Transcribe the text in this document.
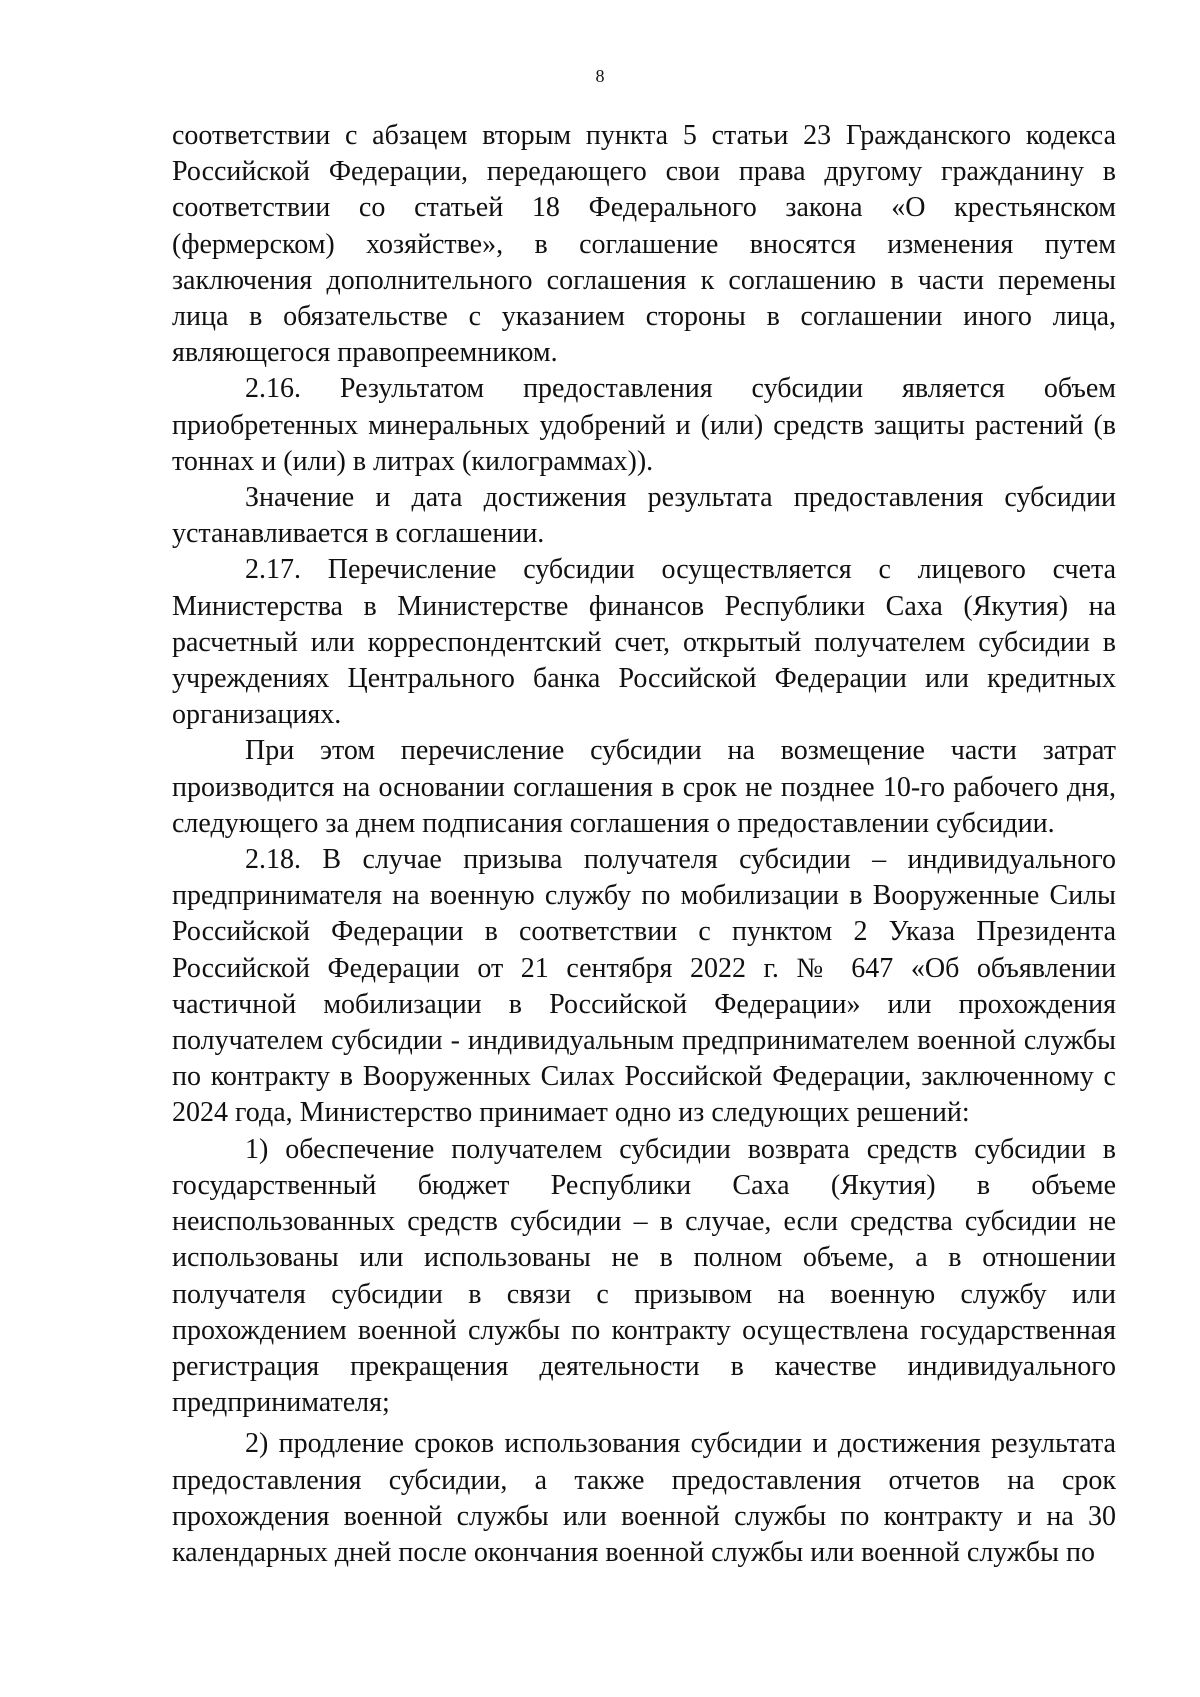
8

соответствии с абзацем вторым пункта 5 статьи 23 Гражданского кодекса Российской Федерации, передающего свои права другому гражданину в соответствии со статьей 18 Федерального закона «О крестьянском (фермерском) хозяйстве», в соглашение вносятся изменения путем заключения дополнительного соглашения к соглашению в части перемены лица в обязательстве с указанием стороны в соглашении иного лица, являющегося правопреемником.

2.16. Результатом предоставления субсидии является объем приобретенных минеральных удобрений и (или) средств защиты растений (в тоннах и (или) в литрах (килограммах)).

Значение и дата достижения результата предоставления субсидии устанавливается в соглашении.

2.17. Перечисление субсидии осуществляется с лицевого счета Министерства в Министерстве финансов Республики Саха (Якутия) на расчетный или корреспондентский счет, открытый получателем субсидии в учреждениях Центрального банка Российской Федерации или кредитных организациях.

При этом перечисление субсидии на возмещение части затрат производится на основании соглашения в срок не позднее 10-го рабочего дня, следующего за днем подписания соглашения о предоставлении субсидии.

2.18. В случае призыва получателя субсидии – индивидуального предпринимателя на военную службу по мобилизации в Вооруженные Силы Российской Федерации в соответствии с пунктом 2 Указа Президента Российской Федерации от 21 сентября 2022 г. № 647 «Об объявлении частичной мобилизации в Российской Федерации» или прохождения получателем субсидии - индивидуальным предпринимателем военной службы по контракту в Вооруженных Силах Российской Федерации, заключенному с 2024 года, Министерство принимает одно из следующих решений:

1) обеспечение получателем субсидии возврата средств субсидии в государственный бюджет Республики Саха (Якутия) в объеме неиспользованных средств субсидии – в случае, если средства субсидии не использованы или использованы не в полном объеме, а в отношении получателя субсидии в связи с призывом на военную службу или прохождением военной службы по контракту осуществлена государственная регистрация прекращения деятельности в качестве индивидуального предпринимателя;

2) продление сроков использования субсидии и достижения результата предоставления субсидии, а также предоставления отчетов на срок прохождения военной службы или военной службы по контракту и на 30 календарных дней после окончания военной службы или военной службы по
